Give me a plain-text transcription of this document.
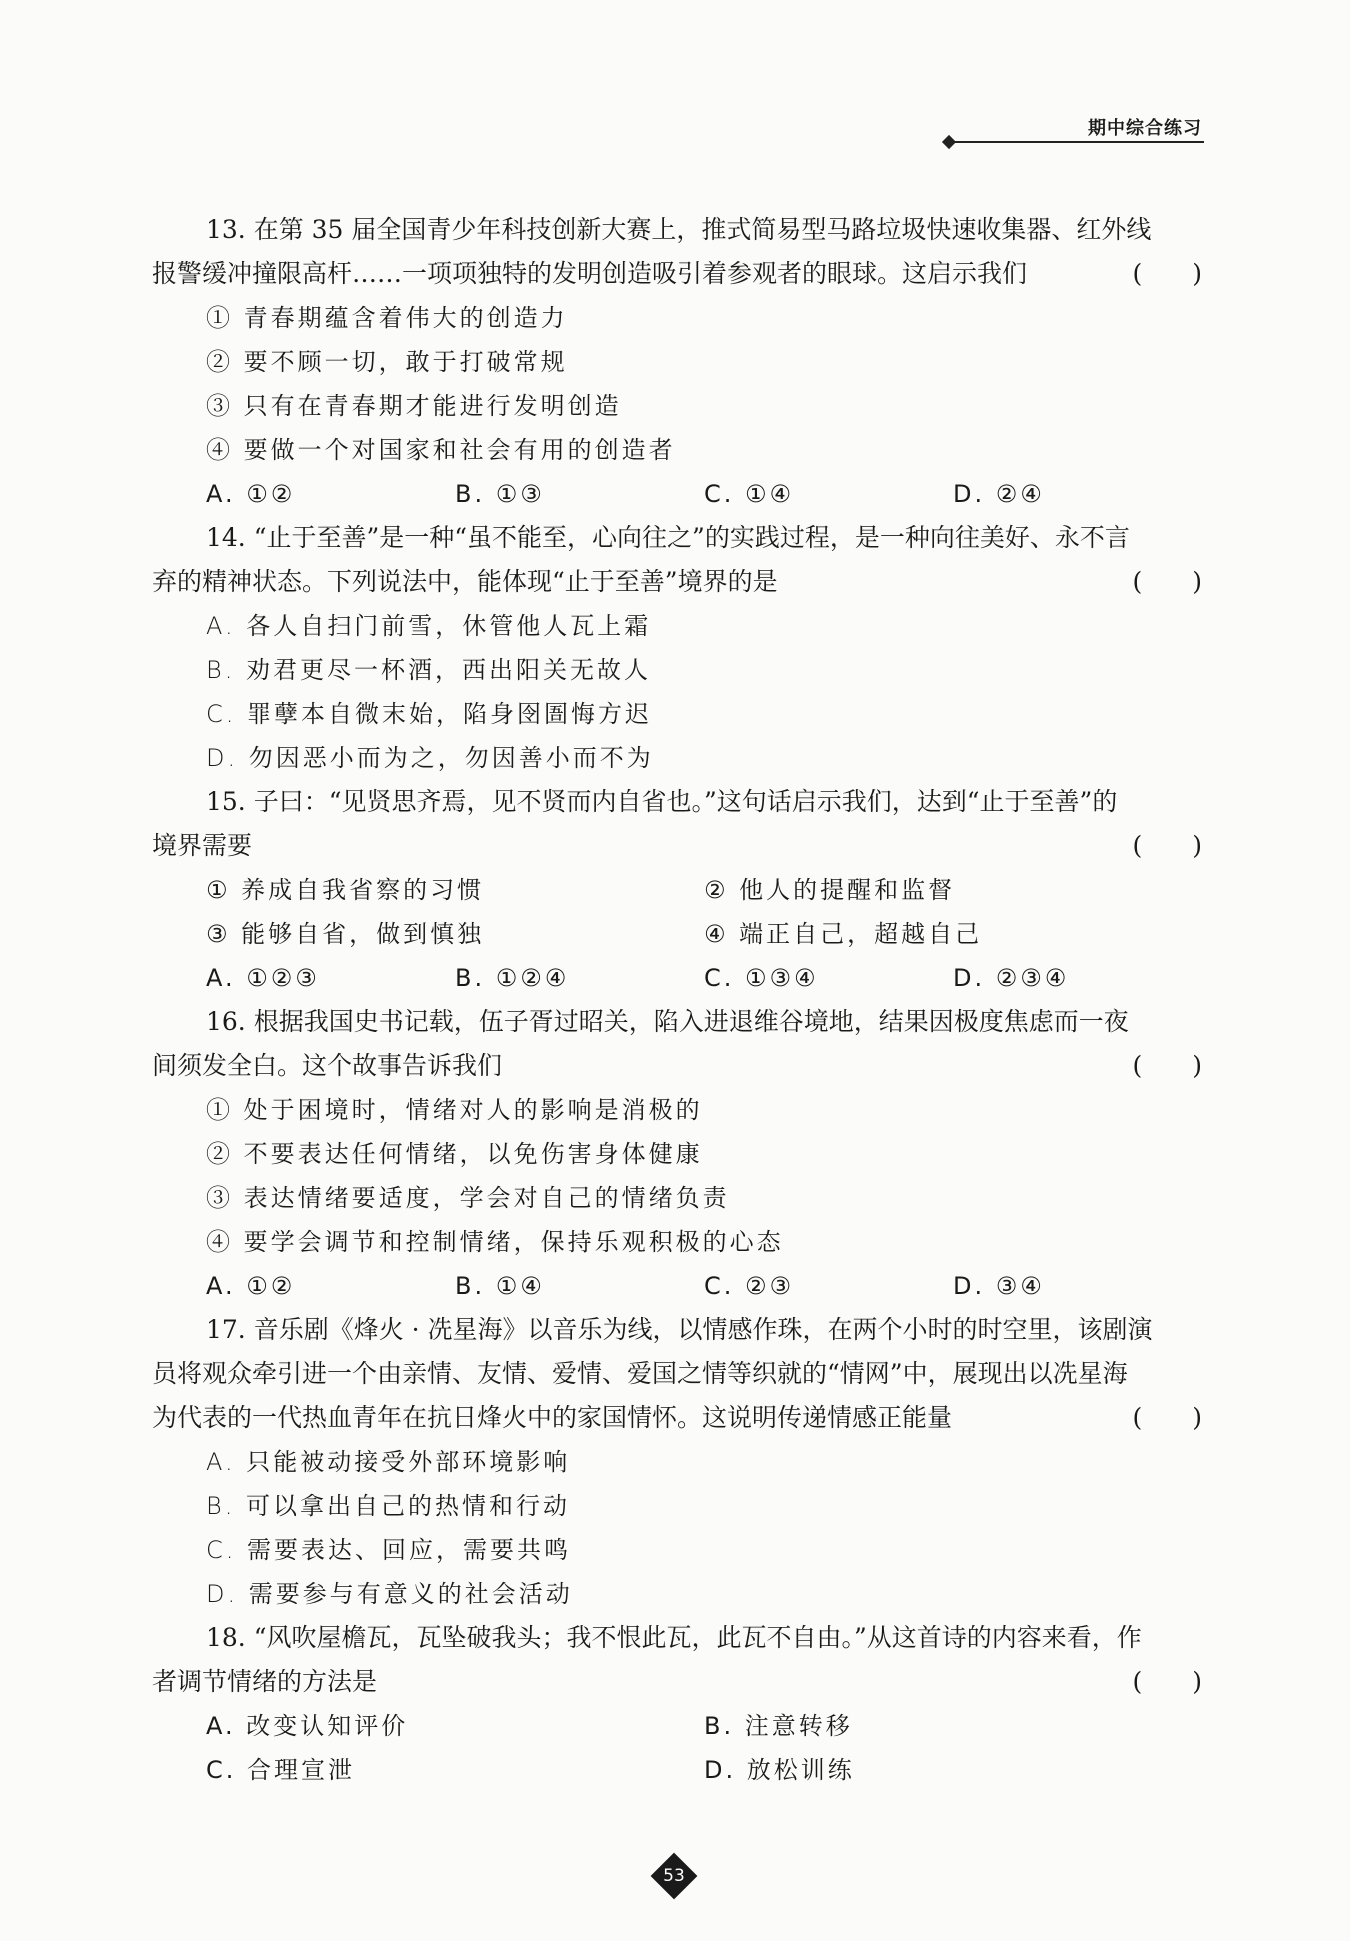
期中综合练习

13. 在第 35 届全国青少年科技创新大赛上，推式简易型马路垃圾快速收集器、红外线

(　　)
报警缓冲撞限高杆……一项项独特的发明创造吸引着参观者的眼球。这启示我们

① 青春期蕴含着伟大的创造力
② 要不顾一切，敢于打破常规
③ 只有在青春期才能进行发明创造
④ 要做一个对国家和社会有用的创造者
A. ①②	B. ①③	C. ①④	D. ②④

14. “止于至善”是一种“虽不能至，心向往之”的实践过程，是一种向往美好、永不言

(　　)
弃的精神状态。下列说法中，能体现“止于至善”境界的是

A. 各人自扫门前雪，休管他人瓦上霜
B. 劝君更尽一杯酒，西出阳关无故人
C. 罪孽本自微末始，陷身囹圄悔方迟
D. 勿因恶小而为之，勿因善小而不为

15. 子曰：“见贤思齐焉，见不贤而内自省也。”这句话启示我们，达到“止于至善”的

(　　)
境界需要

① 养成自我省察的习惯	② 他人的提醒和监督
③ 能够自省，做到慎独	④ 端正自己，超越自己
A. ①②③	B. ①②④	C. ①③④	D. ②③④

16. 根据我国史书记载，伍子胥过昭关，陷入进退维谷境地，结果因极度焦虑而一夜

(　　)
间须发全白。这个故事告诉我们

① 处于困境时，情绪对人的影响是消极的
② 不要表达任何情绪，以免伤害身体健康
③ 表达情绪要适度，学会对自己的情绪负责
④ 要学会调节和控制情绪，保持乐观积极的心态
A. ①②	B. ①④	C. ②③	D. ③④

17. 音乐剧《烽火 · 冼星海》以音乐为线，以情感作珠，在两个小时的时空里，该剧演

员将观众牵引进一个由亲情、友情、爱情、爱国之情等织就的“情网”中，展现出以冼星海

(　　)
为代表的一代热血青年在抗日烽火中的家国情怀。这说明传递情感正能量

A. 只能被动接受外部环境影响
B. 可以拿出自己的热情和行动
C. 需要表达、回应，需要共鸣
D. 需要参与有意义的社会活动

18. “风吹屋檐瓦，瓦坠破我头；我不恨此瓦，此瓦不自由。”从这首诗的内容来看，作

(　　)
者调节情绪的方法是

A. 改变认知评价	B. 注意转移
C. 合理宣泄	D. 放松训练
53
